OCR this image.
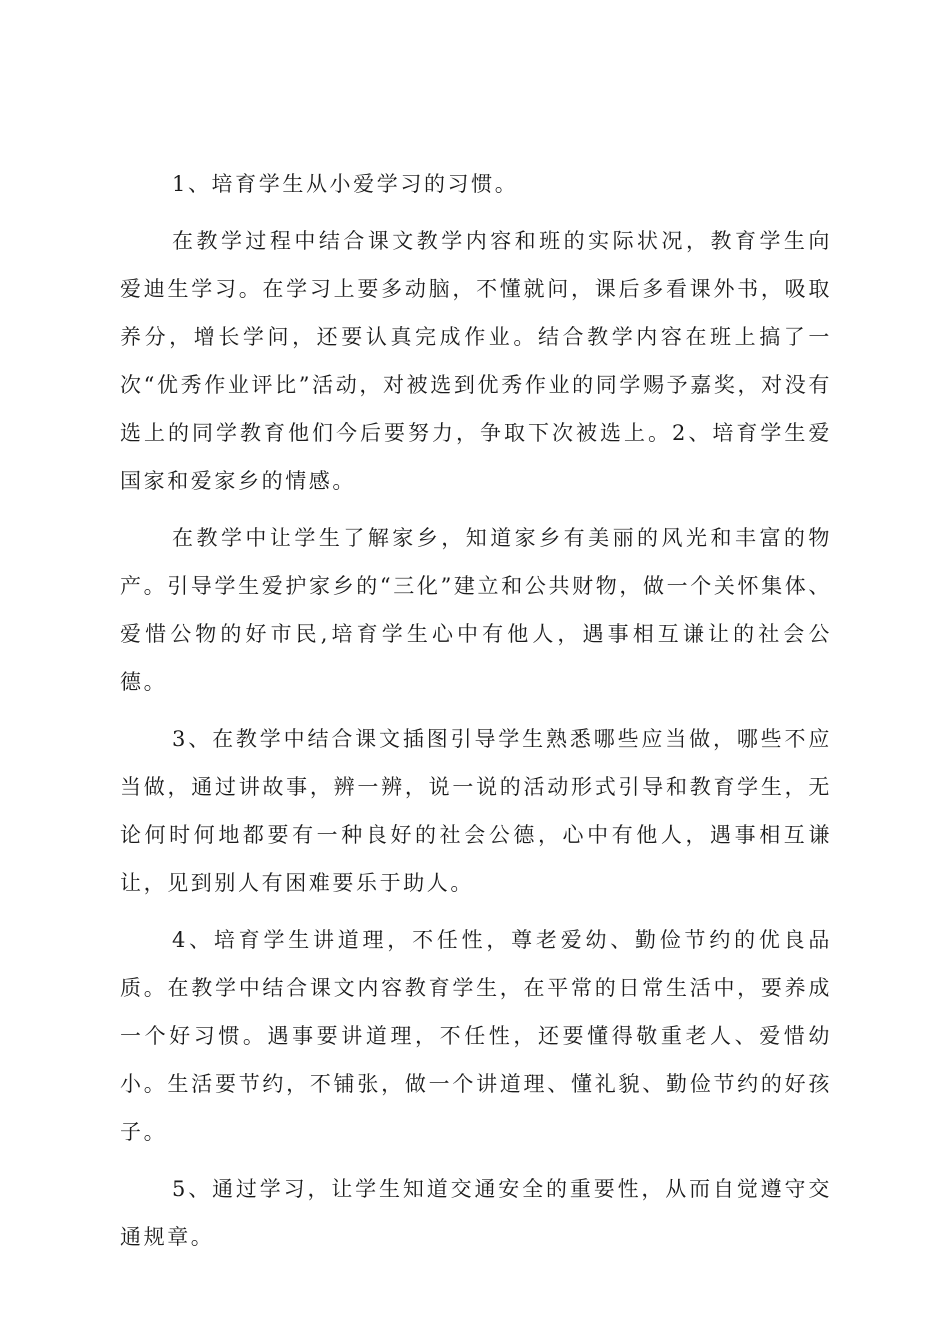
1、培育学生从小爱学习的习惯。

在教学过程中结合课文教学内容和班的实际状况，教育学生向爱迪生学习。在学习上要多动脑，不懂就问，课后多看课外书，吸取养分，增长学问，还要认真完成作业。结合教学内容在班上搞了一次“优秀作业评比”活动，对被选到优秀作业的同学赐予嘉奖，对没有选上的同学教育他们今后要努力，争取下次被选上。2、培育学生爱国家和爱家乡的情感。

在教学中让学生了解家乡，知道家乡有美丽的风光和丰富的物产。引导学生爱护家乡的“三化”建立和公共财物，做一个关怀集体、爱惜公物的好市民,培育学生心中有他人，遇事相互谦让的社会公德。

3、在教学中结合课文插图引导学生熟悉哪些应当做，哪些不应当做，通过讲故事，辨一辨，说一说的活动形式引导和教育学生，无论何时何地都要有一种良好的社会公德，心中有他人，遇事相互谦让，见到别人有困难要乐于助人。

4、培育学生讲道理，不任性，尊老爱幼、勤俭节约的优良品质。在教学中结合课文内容教育学生，在平常的日常生活中，要养成一个好习惯。遇事要讲道理，不任性，还要懂得敬重老人、爱惜幼小。生活要节约，不铺张，做一个讲道理、懂礼貌、勤俭节约的好孩子。

5、通过学习，让学生知道交通安全的重要性，从而自觉遵守交通规章。
